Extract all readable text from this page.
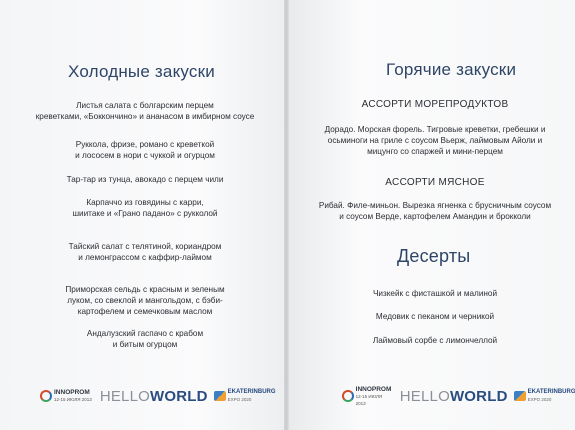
Холодные закуски
Листья салата с болгарским перцем
креветками, «Боккончино» и ананасом в имбирном соусе
Руккола, фризе, романо с креветкой
и лососем в нори с чуккой и огурцом
Тар-тар из тунца, авокадо с перцем чили
Карпаччо из говядины с карри,
шиитаке и «Грано падано» с рукколой
Тайский салат с телятиной, кориандром
и лемонграссом с каффир-лаймом
Приморская сельдь с красным и зеленым
луком, со свеклой и мангольдом, с бэби-
картофелем и семечковым маслом
Андалузский гаспачо с крабом
и битым огурцом
INNOPROM
12-15 ИЮЛЯ 2013 HELLOWORLD	EKATERINBURG
EXPO 2020
Горячие закуски
АССОРТИ МОРЕПРОДУКТОВ
Дорадо. Морская форель. Тигровые креветки, гребешки и
осьминоги на гриле с соусом Вьерж, лаймовым Айоли и
мицунго со спаржей и мини-перцем
АССОРТИ МЯСНОЕ
Рибай. Филе-миньон. Вырезка ягненка с брусничным соусом
и соусом Верде, картофелем Амандин и брокколи
Десерты
Чизкейк с фисташкой и малиной
Медовик с пеканом и черникой
Лаймовый сорбе с лимончеллой
INNOPROM
12-15 ИЮЛЯ 2013	HELLOWORLD	EKATERINBURG
EXPO 2020
